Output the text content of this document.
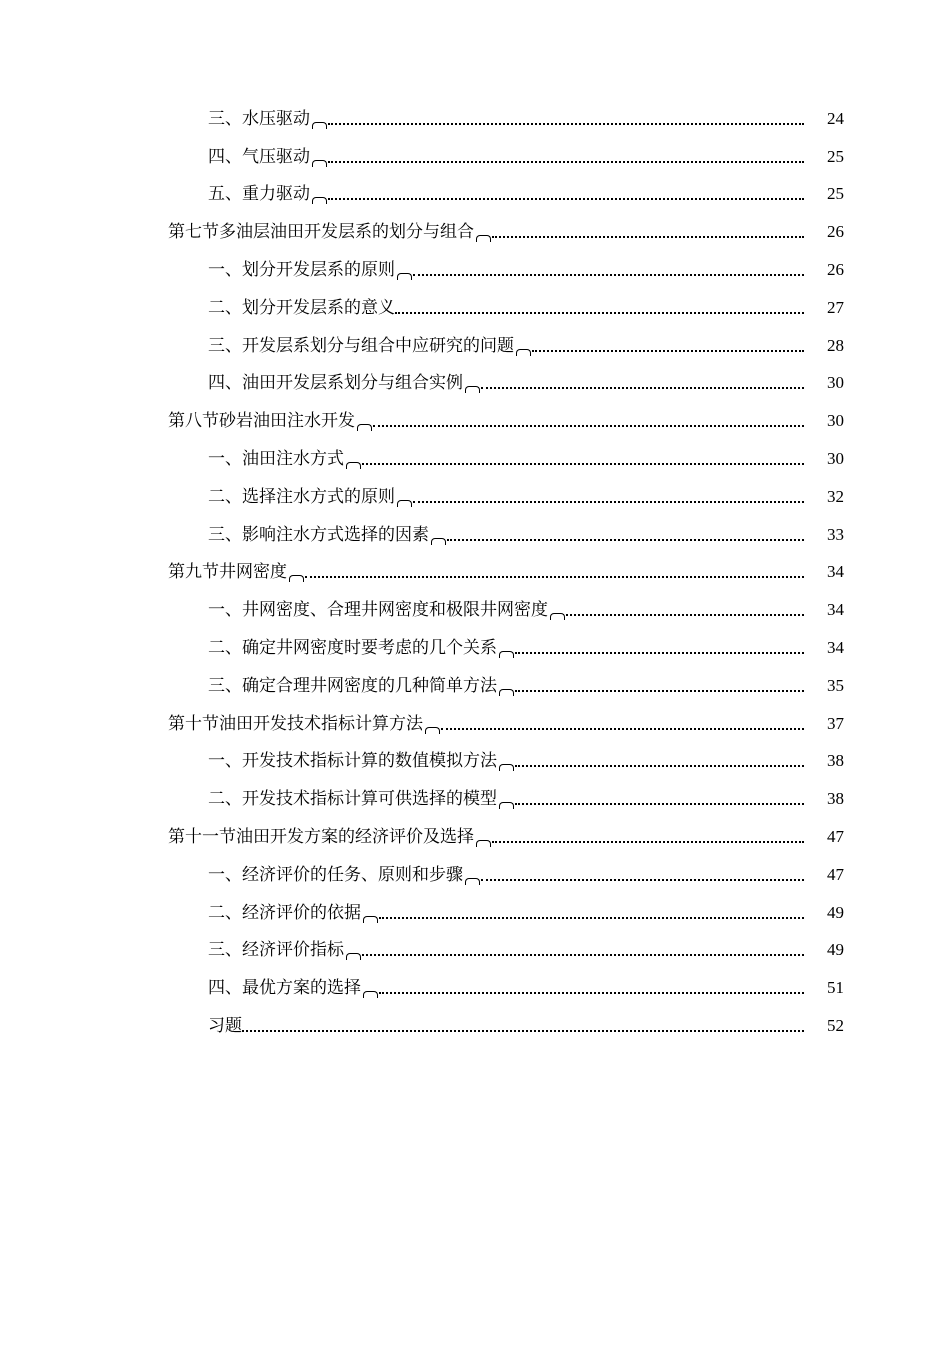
三、水压驱动	24
四、气压驱动	25
五、重力驱动	25
第七节多油层油田开发层系的划分与组合	26
一、划分开发层系的原则	26
二、划分开发层系的意义	27
三、开发层系划分与组合中应研究的问题	28
四、油田开发层系划分与组合实例	30
第八节砂岩油田注水开发	30
一、油田注水方式	30
二、选择注水方式的原则	32
三、影响注水方式选择的因素	33
第九节井网密度	34
一、井网密度、合理井网密度和极限井网密度	34
二、确定井网密度时要考虑的几个关系	34
三、确定合理井网密度的几种简单方法	35
第十节油田开发技术指标计算方法	37
一、开发技术指标计算的数值模拟方法	38
二、开发技术指标计算可供选择的模型	38
第十一节油田开发方案的经济评价及选择	47
一、经济评价的任务、原则和步骤	47
二、经济评价的依据	49
三、经济评价指标	49
四、最优方案的选择	51
习题	52
